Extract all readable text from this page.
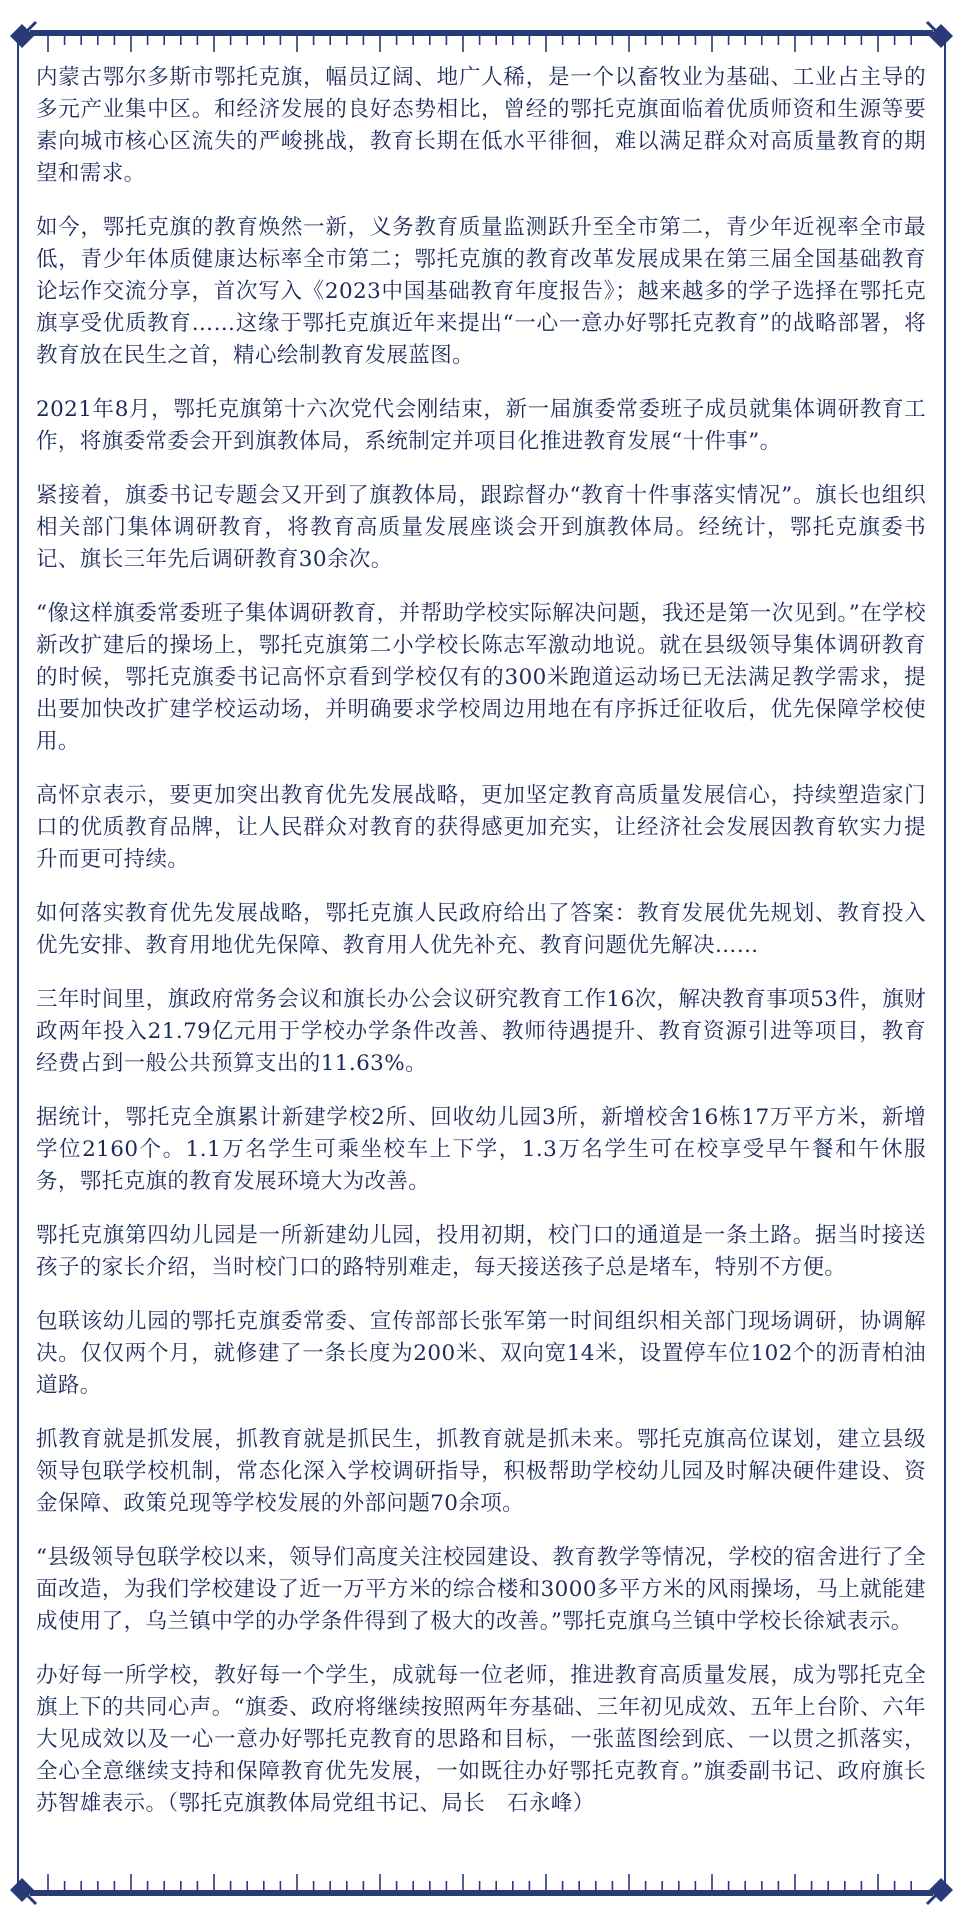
内蒙古鄂尔多斯市鄂托克旗，幅员辽阔、地广人稀，是一个以畜牧业为基础、工业占主导的多元产业集中区。和经济发展的良好态势相比，曾经的鄂托克旗面临着优质师资和生源等要素向城市核心区流失的严峻挑战，教育长期在低水平徘徊，难以满足群众对高质量教育的期望和需求。

如今，鄂托克旗的教育焕然一新，义务教育质量监测跃升至全市第二，青少年近视率全市最低，青少年体质健康达标率全市第二；鄂托克旗的教育改革发展成果在第三届全国基础教育论坛作交流分享，首次写入《2023中国基础教育年度报告》；越来越多的学子选择在鄂托克旗享受优质教育……这缘于鄂托克旗近年来提出“一心一意办好鄂托克教育”的战略部署，将教育放在民生之首，精心绘制教育发展蓝图。

2021年8月，鄂托克旗第十六次党代会刚结束，新一届旗委常委班子成员就集体调研教育工作，将旗委常委会开到旗教体局，系统制定并项目化推进教育发展“十件事”。

紧接着，旗委书记专题会又开到了旗教体局，跟踪督办“教育十件事落实情况”。旗长也组织相关部门集体调研教育，将教育高质量发展座谈会开到旗教体局。经统计，鄂托克旗委书记、旗长三年先后调研教育30余次。

“像这样旗委常委班子集体调研教育，并帮助学校实际解决问题，我还是第一次见到。”在学校新改扩建后的操场上，鄂托克旗第二小学校长陈志军激动地说。就在县级领导集体调研教育的时候，鄂托克旗委书记高怀京看到学校仅有的300米跑道运动场已无法满足教学需求，提出要加快改扩建学校运动场，并明确要求学校周边用地在有序拆迁征收后，优先保障学校使用。

高怀京表示，要更加突出教育优先发展战略，更加坚定教育高质量发展信心，持续塑造家门口的优质教育品牌，让人民群众对教育的获得感更加充实，让经济社会发展因教育软实力提升而更可持续。

如何落实教育优先发展战略，鄂托克旗人民政府给出了答案：教育发展优先规划、教育投入优先安排、教育用地优先保障、教育用人优先补充、教育问题优先解决……

三年时间里，旗政府常务会议和旗长办公会议研究教育工作16次，解决教育事项53件，旗财政两年投入21.79亿元用于学校办学条件改善、教师待遇提升、教育资源引进等项目，教育经费占到一般公共预算支出的11.63%。

据统计，鄂托克全旗累计新建学校2所、回收幼儿园3所，新增校舍16栋17万平方米，新增学位2160个。1.1万名学生可乘坐校车上下学，1.3万名学生可在校享受早午餐和午休服务，鄂托克旗的教育发展环境大为改善。

鄂托克旗第四幼儿园是一所新建幼儿园，投用初期，校门口的通道是一条土路。据当时接送孩子的家长介绍，当时校门口的路特别难走，每天接送孩子总是堵车，特别不方便。

包联该幼儿园的鄂托克旗委常委、宣传部部长张军第一时间组织相关部门现场调研，协调解决。仅仅两个月，就修建了一条长度为200米、双向宽14米，设置停车位102个的沥青柏油道路。

抓教育就是抓发展，抓教育就是抓民生，抓教育就是抓未来。鄂托克旗高位谋划，建立县级领导包联学校机制，常态化深入学校调研指导，积极帮助学校幼儿园及时解决硬件建设、资金保障、政策兑现等学校发展的外部问题70余项。

“县级领导包联学校以来，领导们高度关注校园建设、教育教学等情况，学校的宿舍进行了全面改造，为我们学校建设了近一万平方米的综合楼和3000多平方米的风雨操场，马上就能建成使用了，乌兰镇中学的办学条件得到了极大的改善。”鄂托克旗乌兰镇中学校长徐斌表示。

办好每一所学校，教好每一个学生，成就每一位老师，推进教育高质量发展，成为鄂托克全旗上下的共同心声。“旗委、政府将继续按照两年夯基础、三年初见成效、五年上台阶、六年大见成效以及一心一意办好鄂托克教育的思路和目标，一张蓝图绘到底、一以贯之抓落实，全心全意继续支持和保障教育优先发展，一如既往办好鄂托克教育。”旗委副书记、政府旗长苏智雄表示。（鄂托克旗教体局党组书记、局长　石永峰）
